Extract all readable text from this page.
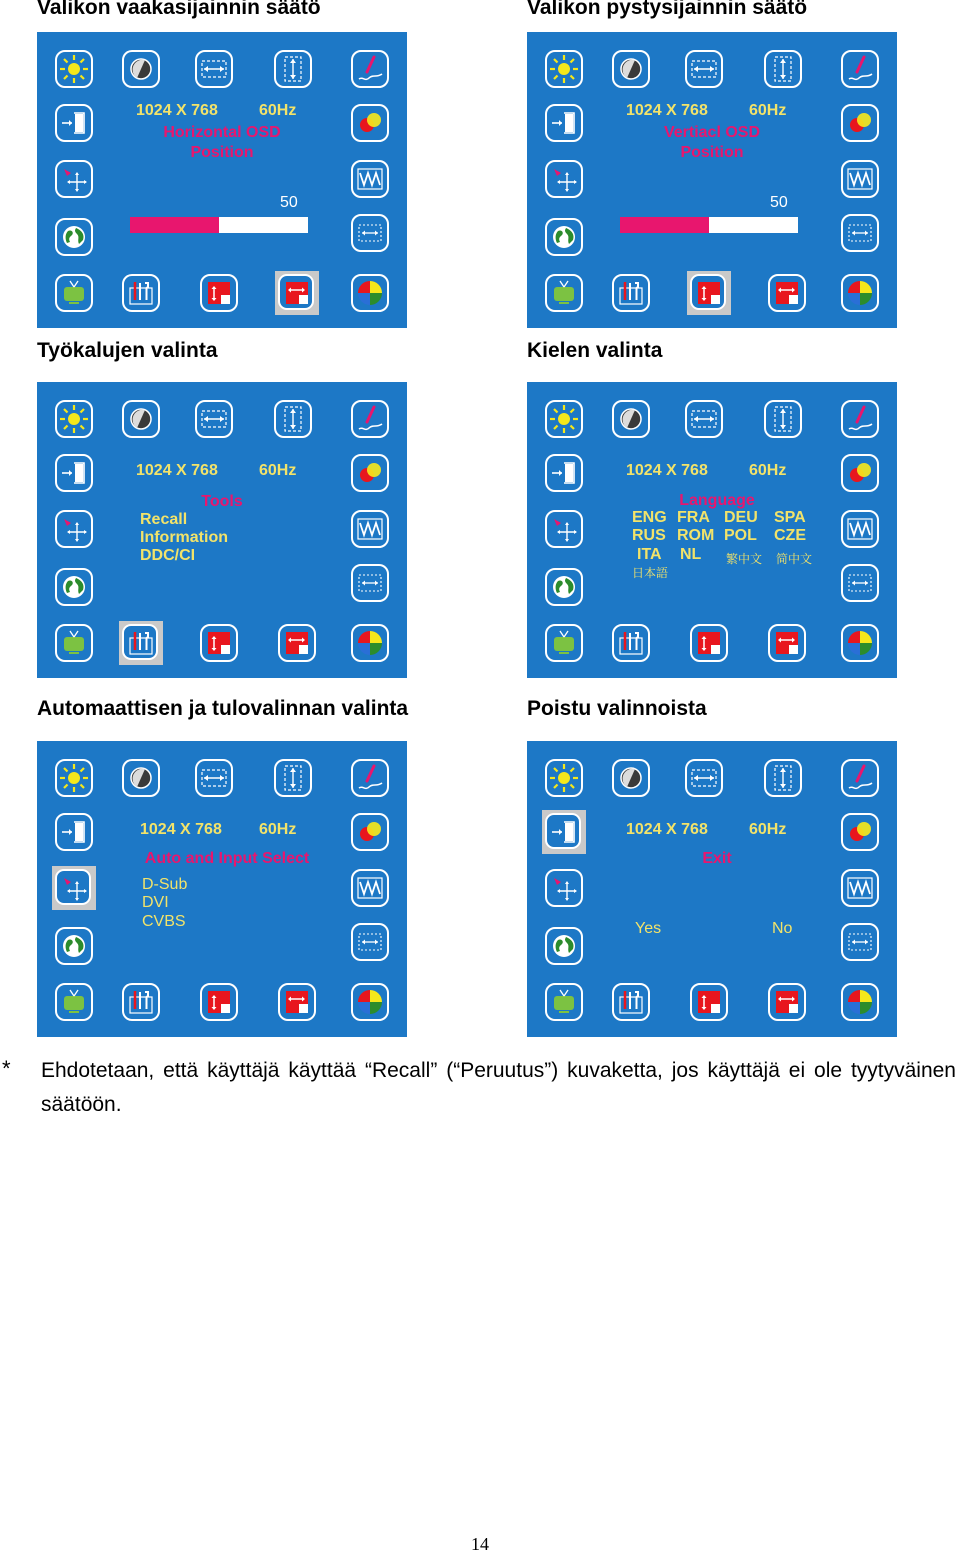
Valikon vaakasijainnin säätö	Valikon pystysijainnin säätö
Työkalujen valinta	Kielen valinta
Automaattisen ja tulovalinnan valinta	Poistu valinnoista
1024 X 768	60Hz
Horizontal OSD
Position
50
1024 X 768	60Hz
Vertiacl OSD
Position
50
1024 X 768	60Hz
Tools
Recall
Information
DDC/CI
1024 X 768	60Hz
Language
ENG FRA DEU SPA
RUS ROM POL CZE
ITA NL 繁中文 简中文
日本語
1024 X 768 60Hz
Auto and Input Select
D-Sub
DVI
CVBS
1024 X 768	60Hz
Exit
Yes	No
* Ehdotetaan, että käyttäjä käyttää “Recall” (“Peruutus”) kuvaketta, jos käyttäjä ei ole tyytyväinen säätöön.
14
